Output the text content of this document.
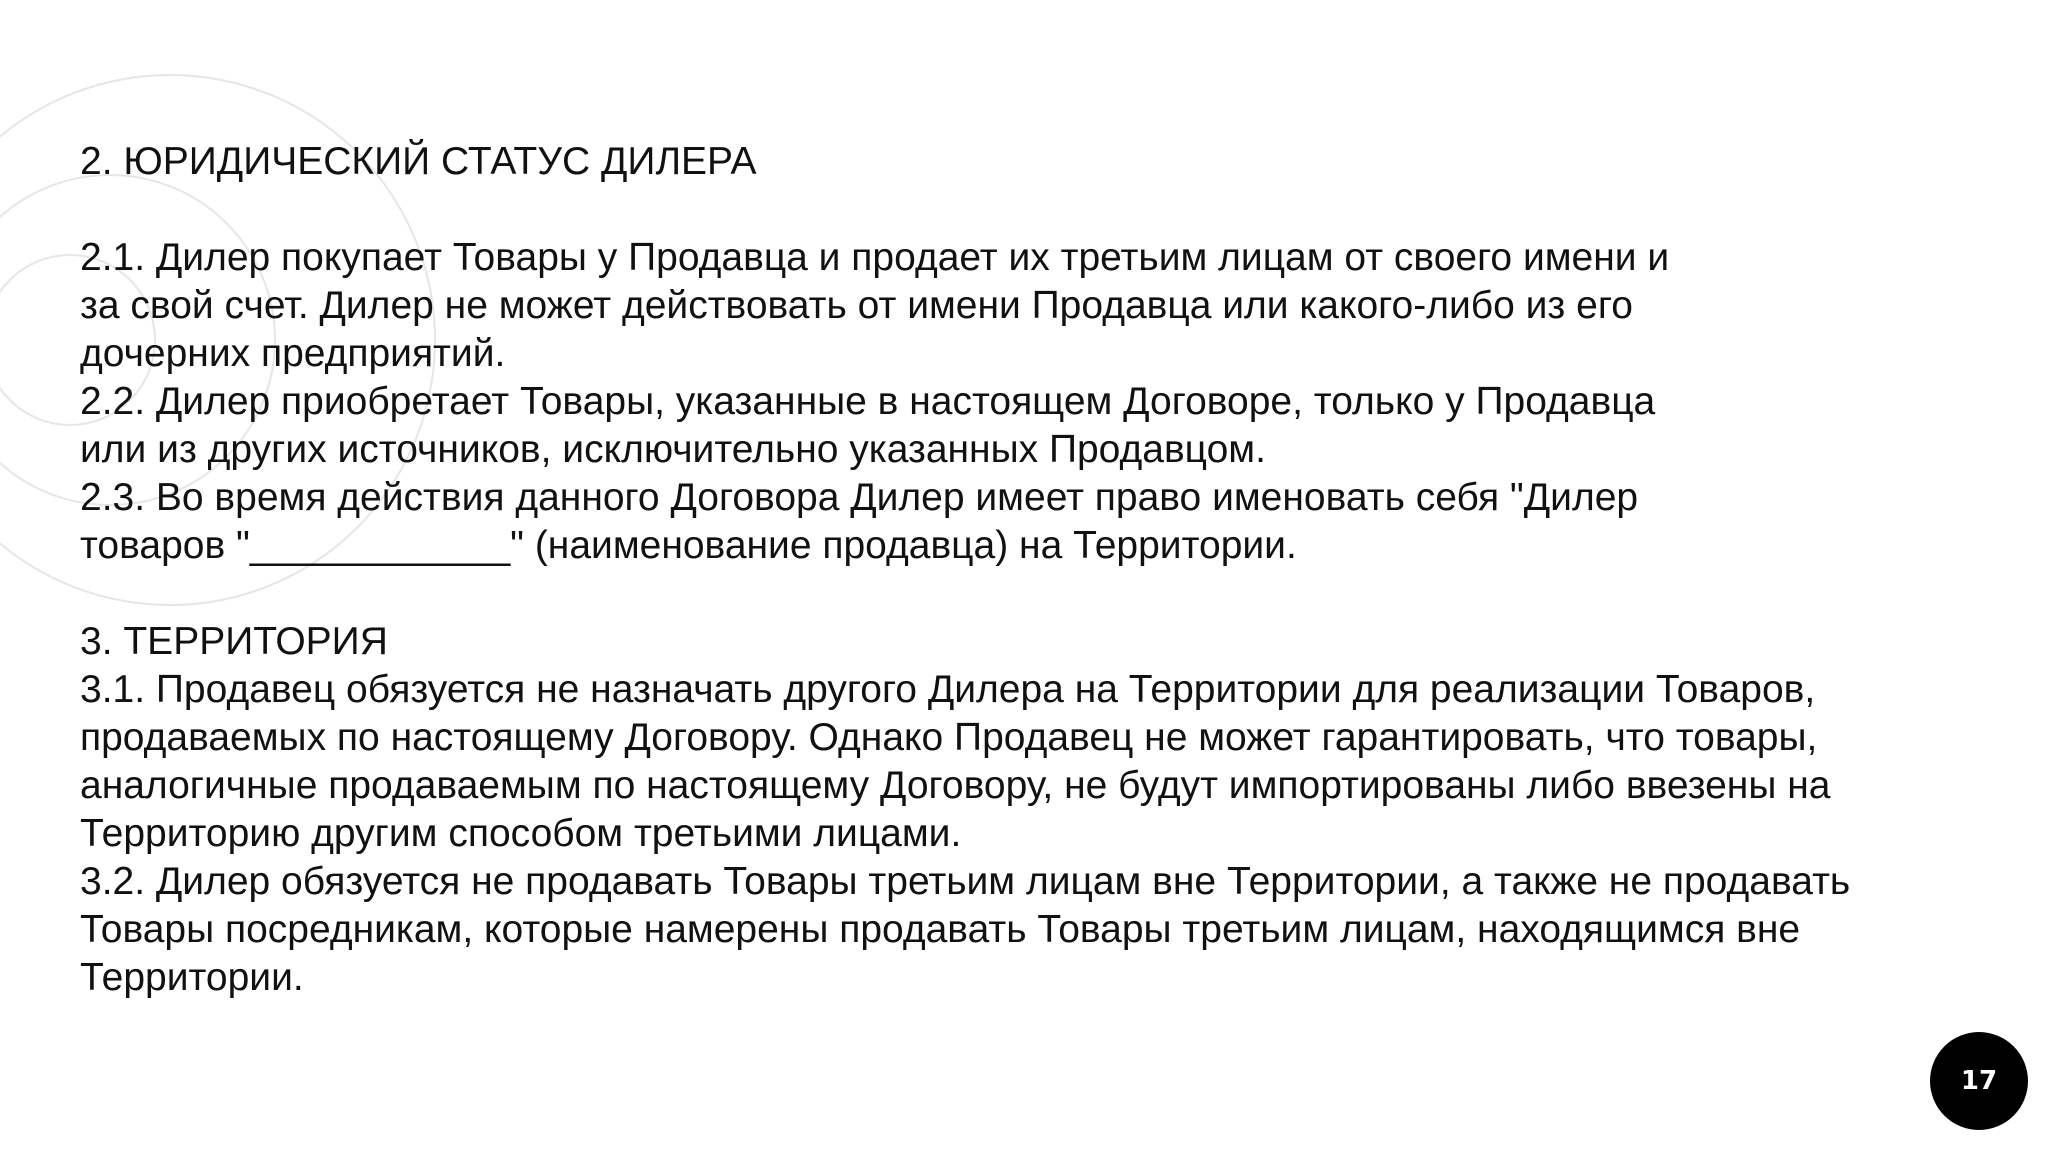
2. ЮРИДИЧЕСКИЙ СТАТУС ДИЛЕРА
2.1. Дилер покупает Товары у Продавца и продает их третьим лицам от своего имени и
за свой счет. Дилер не может действовать от имени Продавца или какого-либо из его
дочерних предприятий.
2.2. Дилер приобретает Товары, указанные в настоящем Договоре, только у Продавца
или из других источников, исключительно указанных Продавцом.
2.3. Во время действия данного Договора Дилер имеет право именовать себя "Дилер
товаров "____________" (наименование продавца) на Территории.
3. ТЕРРИТОРИЯ
3.1. Продавец обязуется не назначать другого Дилера на Территории для реализации Товаров,
продаваемых по настоящему Договору. Однако Продавец не может гарантировать, что товары,
аналогичные продаваемым по настоящему Договору, не будут импортированы либо ввезены на
Территорию другим способом третьими лицами.
3.2. Дилер обязуется не продавать Товары третьим лицам вне Территории, а также не продавать
Товары посредникам, которые намерены продавать Товары третьим лицам, находящимся вне
Территории.
17
